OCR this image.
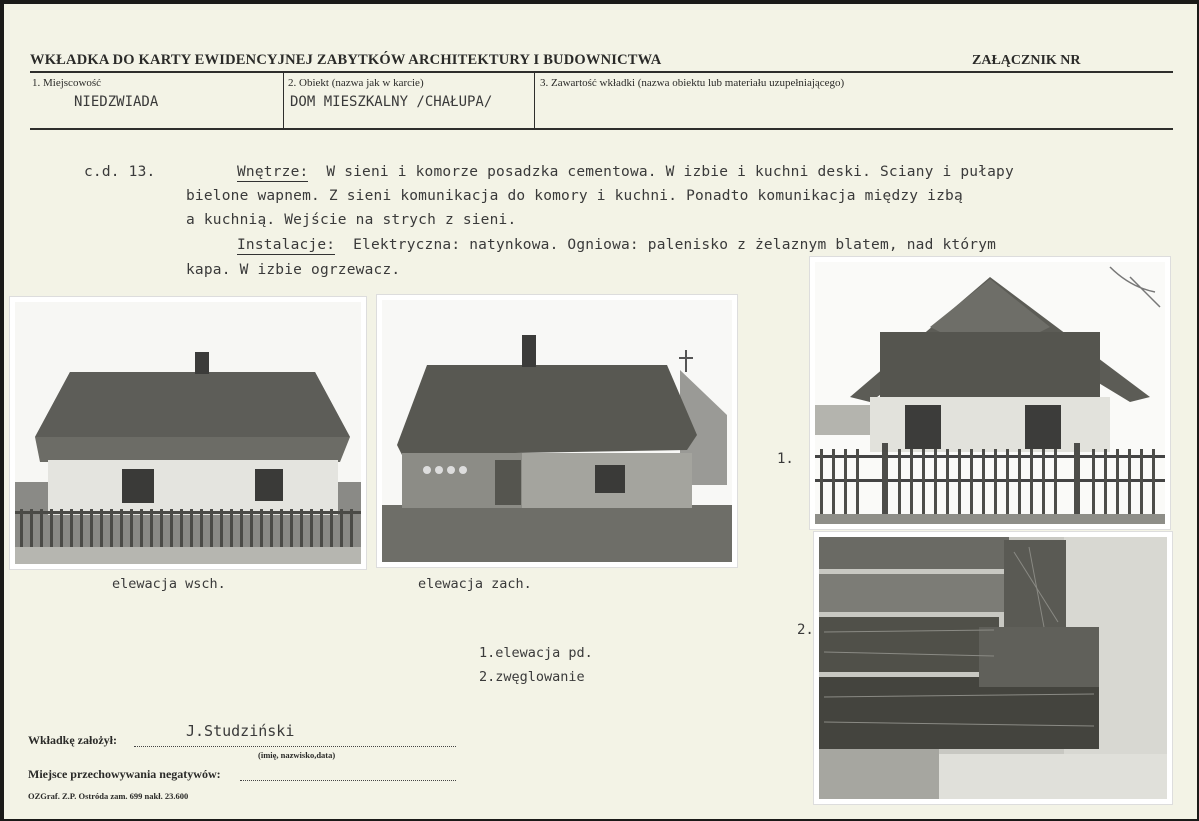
WKŁADKA DO KARTY EWIDENCYJNEJ ZABYTKÓW ARCHITEKTURY I BUDOWNICTWA	ZAŁĄCZNIK NR
1. Miejscowość
NIEDZWIADA
2. Obiekt (nazwa jak w karcie)
DOM MIESZKALNY /CHAŁUPA/
3. Zawartość wkładki (nazwa obiektu lub materiału uzupełniającego)
c.d. 13.	Wnętrze: W sieni i komorze posadzka cementowa. W izbie i kuchni deski. Sciany i pułapy
bielone wapnem. Z sieni komunikacja do komory i kuchni. Ponadto komunikacja między izbą
a kuchnią. Wejście na strych z sieni.
Instalacje: Elektryczna: natynkowa. Ogniowa: palenisko z żelaznym blatem, nad którym
kapa. W izbie ogrzewacz.
elewacja wsch.	elewacja zach.
1.
2.
1.elewacja pd.
2.zwęglowanie
Wkładkę założył:	J.Studziński
(imię, nazwisko,data)
Miejsce przechowywania negatywów:
OZGraf. Z.P. Ostróda zam. 699 nakł. 23.600
